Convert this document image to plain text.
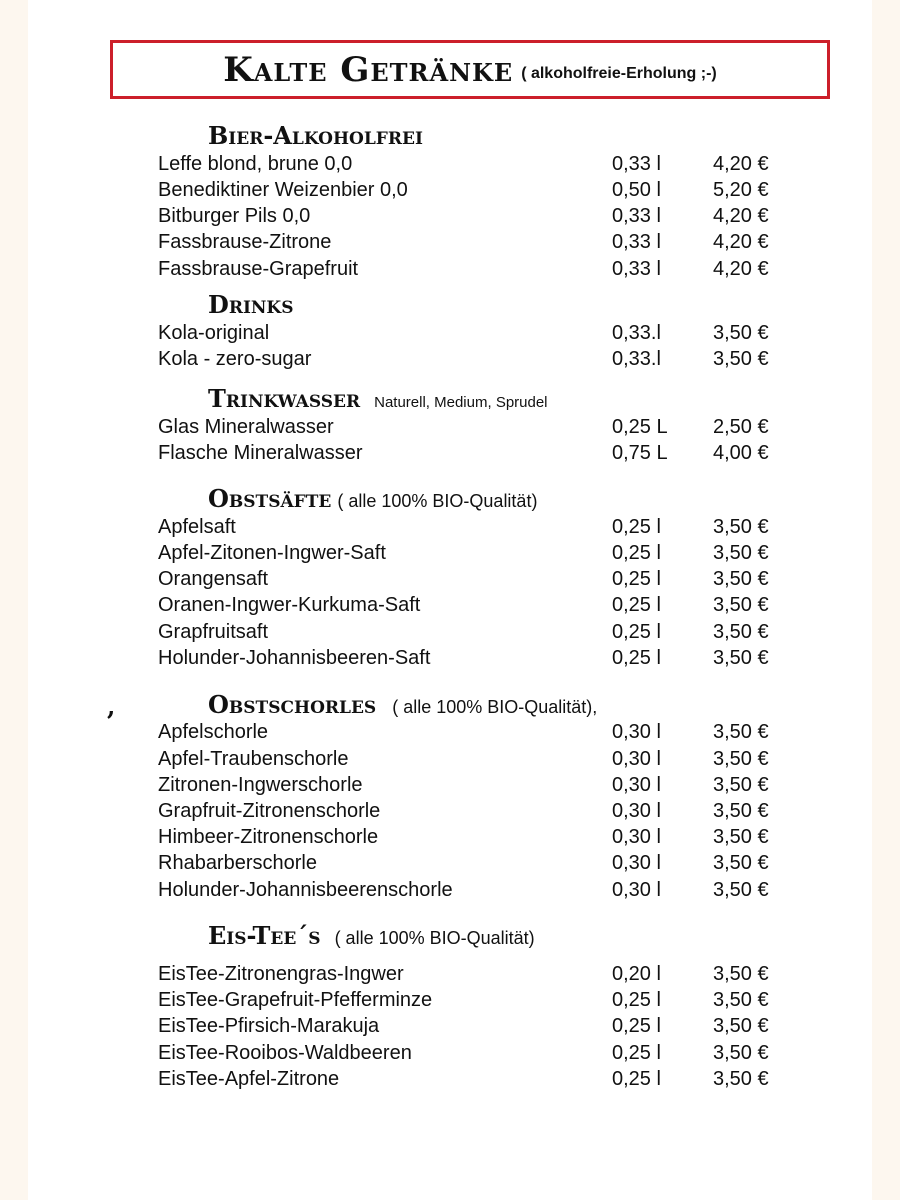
Kalte Getränke ( alkoholfreie-Erholung ;-)
,
Bier-Alkoholfrei
Leffe blond, brune 0,0	0,33 l	4,20 €
Benediktiner Weizenbier 0,0	0,50 l	5,20 €
Bitburger Pils 0,0	0,33 l	4,20 €
Fassbrause-Zitrone	0,33 l	4,20 €
Fassbrause-Grapefruit	0,33 l	4,20 €
Drinks
Kola-original	0,33.l	3,50 €
Kola - zero-sugar	0,33.l	3,50 €
Trinkwasser Naturell, Medium, Sprudel
Glas Mineralwasser	0,25 L 2,50 €
Flasche Mineralwasser	0,75 L 4,00 €
Obstsäfte ( alle 100% BIO-Qualität)
Apfelsaft	0,25 l	3,50 €
Apfel-Zitonen-Ingwer-Saft	0,25 l	3,50 €
Orangensaft	0,25 l	3,50 €
Oranen-Ingwer-Kurkuma-Saft	0,25 l	3,50 €
Grapfruitsaft	0,25 l	3,50 €
Holunder-Johannisbeeren-Saft	0,25 l	3,50 €
Obstschorles ( alle 100% BIO-Qualität),
Apfelschorle	0,30 l	3,50 €
Apfel-Traubenschorle	0,30 l	3,50 €
Zitronen-Ingwerschorle	0,30 l	3,50 €
Grapfruit-Zitronenschorle	0,30 l	3,50 €
Himbeer-Zitronenschorle	0,30 l	3,50 €
Rhabarberschorle	0,30 l	3,50 €
Holunder-Johannisbeerenschorle	0,30 l	3,50 €
Eis-Tee´s ( alle 100% BIO-Qualität)
EisTee-Zitronengras-Ingwer	0,20 l	3,50 €
EisTee-Grapefruit-Pfefferminze	0,25 l	3,50 €
EisTee-Pfirsich-Marakuja	0,25 l	3,50 €
EisTee-Rooibos-Waldbeeren	0,25 l	3,50 €
EisTee-Apfel-Zitrone	0,25 l	3,50 €
